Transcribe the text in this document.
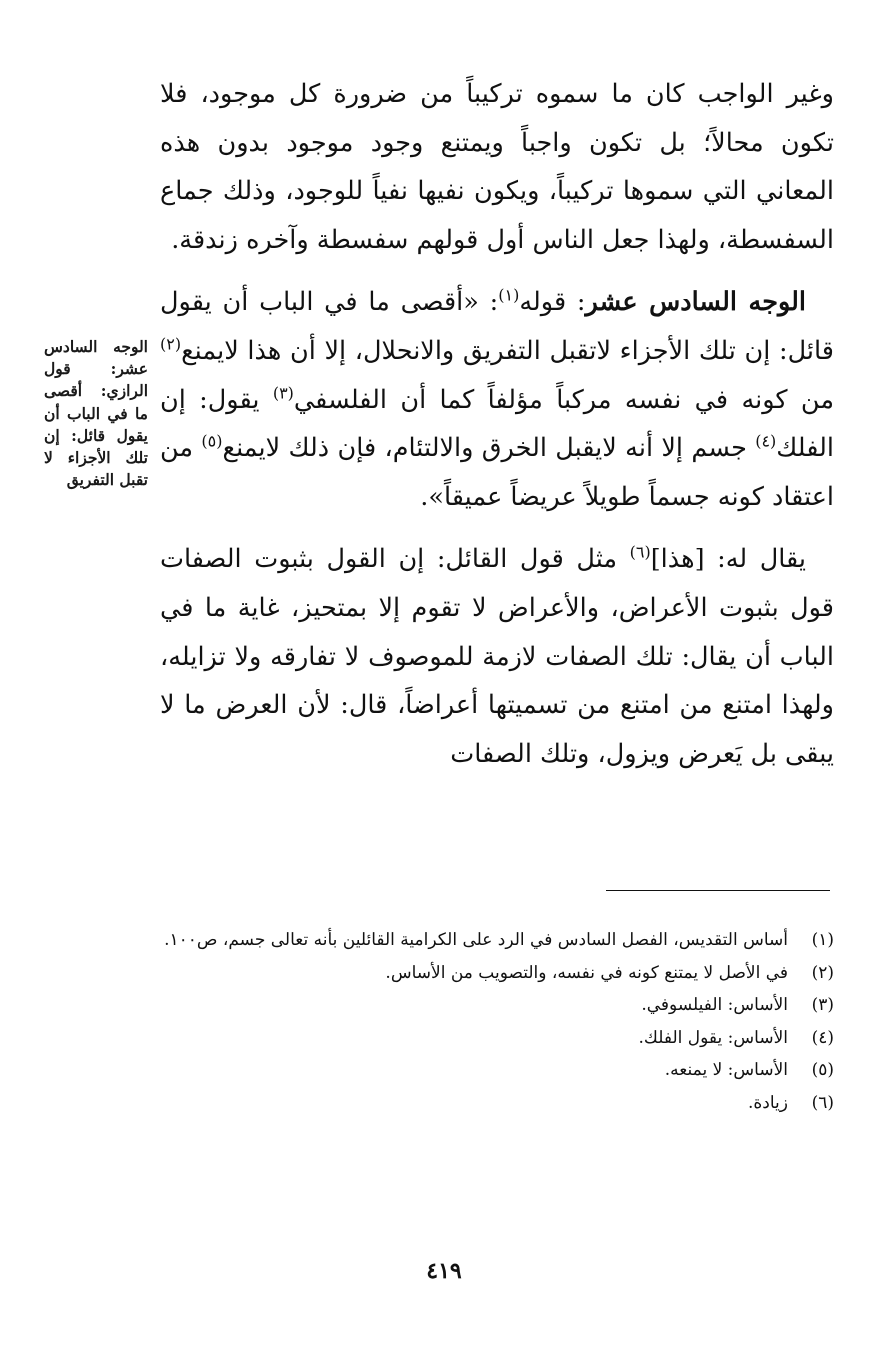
وغير الواجب كان ما سموه تركيباً من ضرورة كل موجود، فلا تكون محالاً؛ بل تكون واجباً ويمتنع وجود موجود بدون هذه المعاني التي سموها تركيباً، ويكون نفيها نفياً للوجود، وذلك جماع السفسطة، ولهذا جعل الناس أول قولهم سفسطة وآخره زندقة.

الوجه السادس عشر: قوله$^{(١)}$: «أقصى ما في الباب أن يقول قائل: إن تلك الأجزاء لاتقبل التفريق والانحلال، إلا أن هذا لايمنع$^{(٢)}$ من كونه في نفسه مركباً مؤلفاً كما أن الفلسفي$^{(٣)}$ يقول: إن الفلك$^{(٤)}$ جسم إلا أنه لايقبل الخرق والالتئام، فإن ذلك لايمنع$^{(٥)}$ من اعتقاد كونه جسماً طويلاً عريضاً عميقاً».

يقال له: [هذا]$^{(٦)}$ مثل قول القائل: إن القول بثبوت الصفات قول بثبوت الأعراض، والأعراض لا تقوم إلا بمتحيز، غاية ما في الباب أن يقال: تلك الصفات لازمة للموصوف لا تفارقه ولا تزايله، ولهذا امتنع من امتنع من تسميتها أعراضاً، قال: لأن العرض ما لا يبقى بل يَعرض ويزول، وتلك الصفات

الوجه السادس عشر: قول الرازي: أقصى ما في الباب أن يقول قائل: إن تلك الأجزاء لا تقبل التفريق
(١)
أساس التقديس، الفصل السادس في الرد على الكرامية القائلين بأنه تعالى جسم، ص١٠٠.
(٢)
في الأصل لا يمتنع كونه في نفسه، والتصويب من الأساس.
(٣)
الأساس: الفيلسوفي.
(٤)
الأساس: يقول الفلك.
(٥)
الأساس: لا يمنعه.
(٦)
زيادة.
٤١٩
